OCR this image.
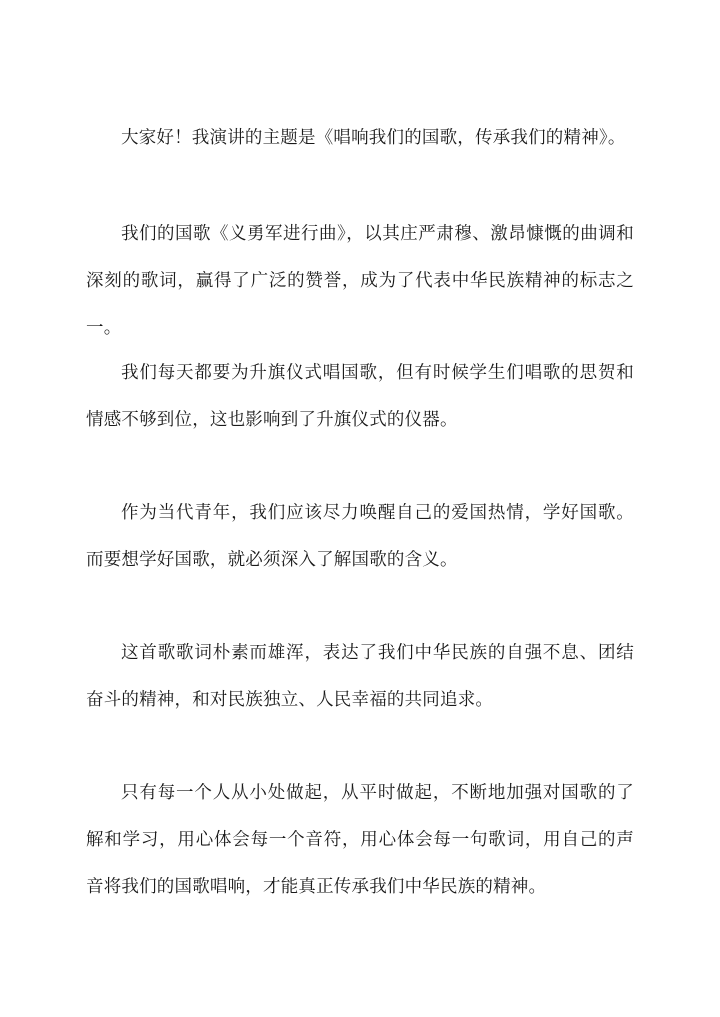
大家好！我演讲的主题是《唱响我们的国歌，传承我们的精神》。

我们的国歌《义勇军进行曲》，以其庄严肃穆、激昂慷慨的曲调和深刻的歌词，赢得了广泛的赞誉，成为了代表中华民族精神的标志之一。

我们每天都要为升旗仪式唱国歌，但有时候学生们唱歌的思贺和情感不够到位，这也影响到了升旗仪式的仪器。

作为当代青年，我们应该尽力唤醒自己的爱国热情，学好国歌。而要想学好国歌，就必须深入了解国歌的含义。

这首歌歌词朴素而雄浑，表达了我们中华民族的自强不息、团结奋斗的精神，和对民族独立、人民幸福的共同追求。

只有每一个人从小处做起，从平时做起，不断地加强对国歌的了解和学习，用心体会每一个音符，用心体会每一句歌词，用自己的声音将我们的国歌唱响，才能真正传承我们中华民族的精神。
